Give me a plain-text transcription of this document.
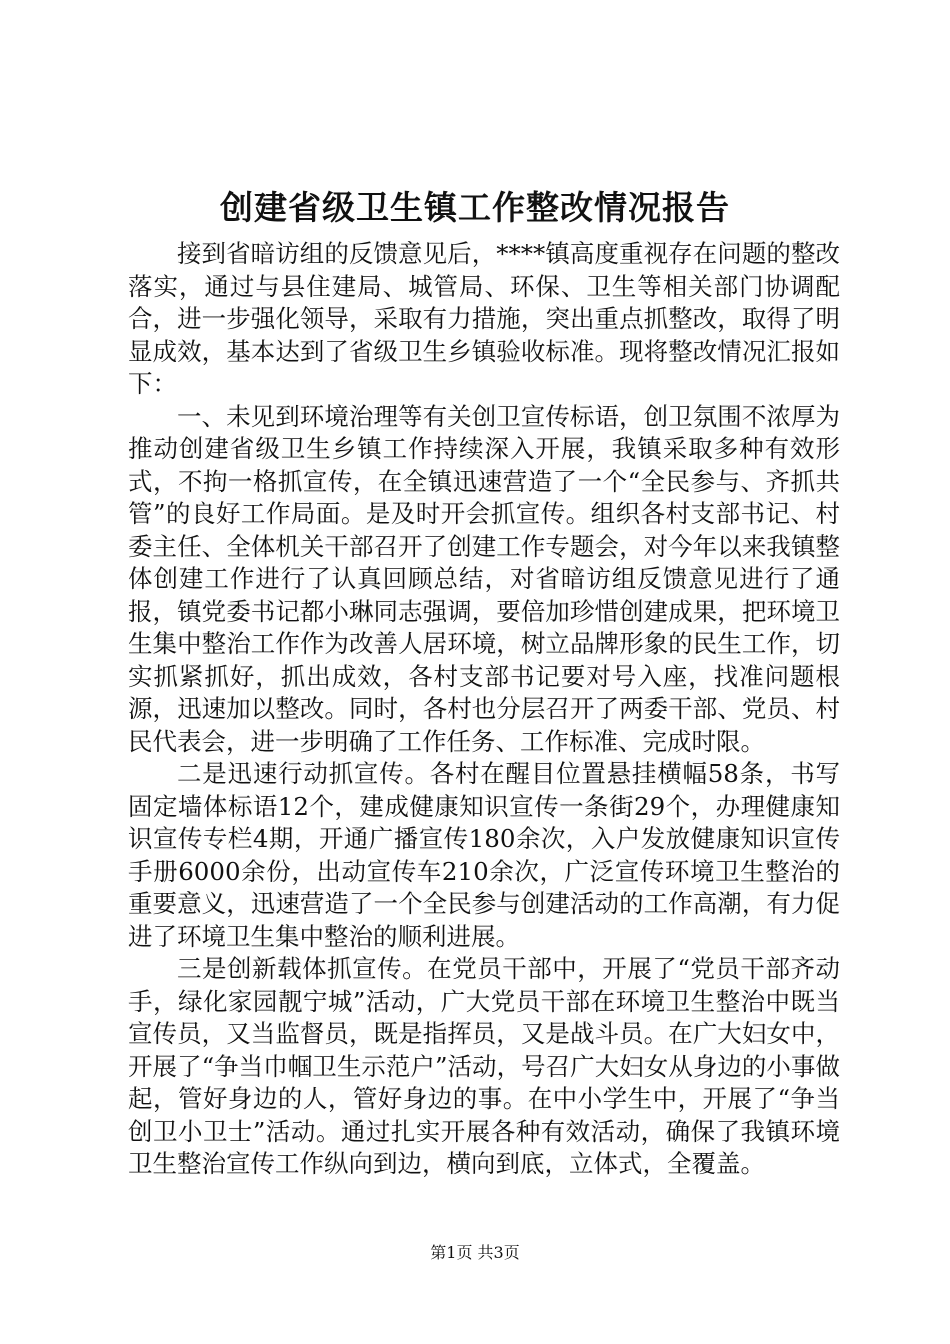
创建省级卫生镇工作整改情况报告

接到省暗访组的反馈意见后，****镇高度重视存在问题的整改落实，通过与县住建局、城管局、环保、卫生等相关部门协调配合，进一步强化领导，采取有力措施，突出重点抓整改，取得了明显成效，基本达到了省级卫生乡镇验收标准。现将整改情况汇报如下：

一、未见到环境治理等有关创卫宣传标语，创卫氛围不浓厚为推动创建省级卫生乡镇工作持续深入开展，我镇采取多种有效形式，不拘一格抓宣传，在全镇迅速营造了一个“全民参与、齐抓共管”的良好工作局面。是及时开会抓宣传。组织各村支部书记、村委主任、全体机关干部召开了创建工作专题会，对今年以来我镇整体创建工作进行了认真回顾总结，对省暗访组反馈意见进行了通报，镇党委书记都小琳同志强调，要倍加珍惜创建成果，把环境卫生集中整治工作作为改善人居环境，树立品牌形象的民生工作，切实抓紧抓好，抓出成效，各村支部书记要对号入座，找准问题根源，迅速加以整改。同时，各村也分层召开了两委干部、党员、村民代表会，进一步明确了工作任务、工作标准、完成时限。

二是迅速行动抓宣传。各村在醒目位置悬挂横幅58条，书写固定墙体标语12个，建成健康知识宣传一条街29个，办理健康知识宣传专栏4期，开通广播宣传180余次，入户发放健康知识宣传手册6000余份，出动宣传车210余次，广泛宣传环境卫生整治的重要意义，迅速营造了一个全民参与创建活动的工作高潮，有力促进了环境卫生集中整治的顺利进展。

三是创新载体抓宣传。在党员干部中，开展了“党员干部齐动手，绿化家园靓宁城”活动，广大党员干部在环境卫生整治中既当宣传员，又当监督员，既是指挥员，又是战斗员。在广大妇女中，开展了“争当巾帼卫生示范户”活动，号召广大妇女从身边的小事做起，管好身边的人，管好身边的事。在中小学生中，开展了“争当创卫小卫士”活动。通过扎实开展各种有效活动，确保了我镇环境卫生整治宣传工作纵向到边，横向到底，立体式，全覆盖。

第1页 共3页
